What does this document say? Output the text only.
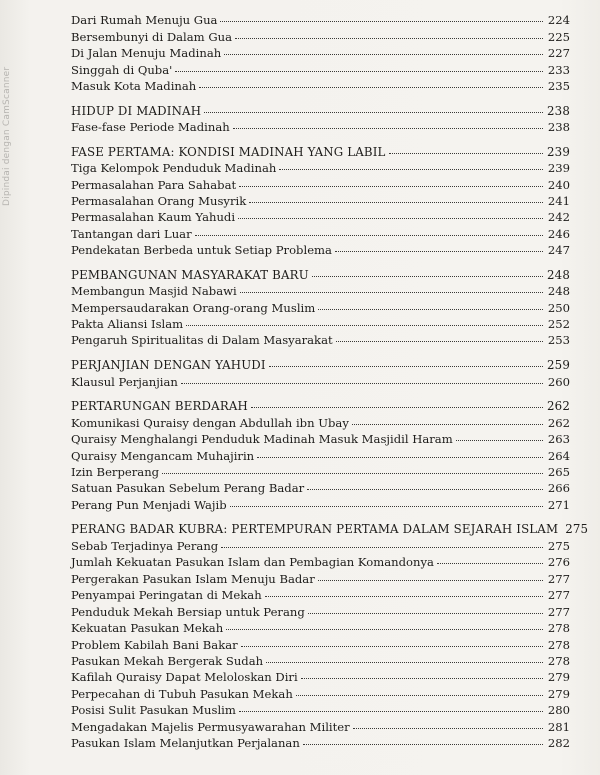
Dipindai dengan CamScanner
Dari Rumah Menuju Gua	224
Bersembunyi di Dalam Gua	225
Di Jalan Menuju Madinah	227
Singgah di Quba'	233
Masuk Kota Madinah	235
HIDUP DI MADINAH	238
Fase-fase Periode Madinah	238
FASE PERTAMA: KONDISI MADINAH YANG LABIL	239
Tiga Kelompok Penduduk Madinah	239
Permasalahan Para Sahabat	240
Permasalahan Orang Musyrik	241
Permasalahan Kaum Yahudi	242
Tantangan dari Luar	246
Pendekatan Berbeda untuk Setiap Problema	247
PEMBANGUNAN MASYARAKAT BARU	248
Membangun Masjid Nabawi	248
Mempersaudarakan Orang-orang Muslim	250
Pakta Aliansi Islam	252
Pengaruh Spiritualitas di Dalam Masyarakat	253
PERJANJIAN DENGAN YAHUDI	259
Klausul Perjanjian	260
PERTARUNGAN BERDARAH	262
Komunikasi Quraisy dengan Abdullah ibn Ubay	262
Quraisy Menghalangi Penduduk Madinah Masuk Masjidil Haram	263
Quraisy Mengancam Muhajirin	264
Izin Berperang	265
Satuan Pasukan Sebelum Perang Badar	266
Perang Pun Menjadi Wajib	271
PERANG BADAR KUBRA: PERTEMPURAN PERTAMA DALAM SEJARAH ISLAM 275
Sebab Terjadinya Perang	275
Jumlah Kekuatan Pasukan Islam dan Pembagian Komandonya	276
Pergerakan Pasukan Islam Menuju Badar	277
Penyampai Peringatan di Mekah	277
Penduduk Mekah Bersiap untuk Perang	277
Kekuatan Pasukan Mekah	278
Problem Kabilah Bani Bakar	278
Pasukan Mekah Bergerak Sudah	278
Kafilah Quraisy Dapat Meloloskan Diri	279
Perpecahan di Tubuh Pasukan Mekah	279
Posisi Sulit Pasukan Muslim	280
Mengadakan Majelis Permusyawarahan Militer	281
Pasukan Islam Melanjutkan Perjalanan	282
